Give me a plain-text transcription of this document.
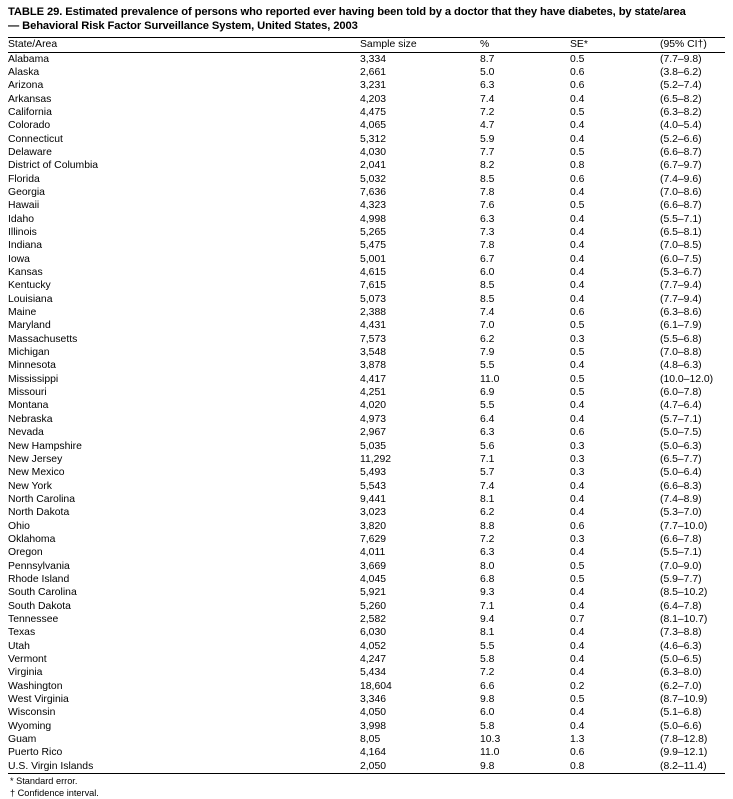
TABLE 29. Estimated prevalence of persons who reported ever having been told by a doctor that they have diabetes, by state/area
— Behavioral Risk Factor Surveillance System, United States, 2003
State/Area	Sample size	%	SE*	(95% CI†)
Alabama	3,334	8.7	0.5	(7.7–9.8)
Alaska	2,661	5.0	0.6	(3.8–6.2)
Arizona	3,231	6.3	0.6	(5.2–7.4)
Arkansas	4,203	7.4	0.4	(6.5–8.2)
California	4,475	7.2	0.5	(6.3–8.2)
Colorado	4,065	4.7	0.4	(4.0–5.4)
Connecticut	5,312	5.9	0.4	(5.2–6.6)
Delaware	4,030	7.7	0.5	(6.6–8.7)
District of Columbia	2,041	8.2	0.8	(6.7–9.7)
Florida	5,032	8.5	0.6	(7.4–9.6)
Georgia	7,636	7.8	0.4	(7.0–8.6)
Hawaii	4,323	7.6	0.5	(6.6–8.7)
Idaho	4,998	6.3	0.4	(5.5–7.1)
Illinois	5,265	7.3	0.4	(6.5–8.1)
Indiana	5,475	7.8	0.4	(7.0–8.5)
Iowa	5,001	6.7	0.4	(6.0–7.5)
Kansas	4,615	6.0	0.4	(5.3–6.7)
Kentucky	7,615	8.5	0.4	(7.7–9.4)
Louisiana	5,073	8.5	0.4	(7.7–9.4)
Maine	2,388	7.4	0.6	(6.3–8.6)
Maryland	4,431	7.0	0.5	(6.1–7.9)
Massachusetts	7,573	6.2	0.3	(5.5–6.8)
Michigan	3,548	7.9	0.5	(7.0–8.8)
Minnesota	3,878	5.5	0.4	(4.8–6.3)
Mississippi	4,417	11.0	0.5	(10.0–12.0)
Missouri	4,251	6.9	0.5	(6.0–7.8)
Montana	4,020	5.5	0.4	(4.7–6.4)
Nebraska	4,973	6.4	0.4	(5.7–7.1)
Nevada	2,967	6.3	0.6	(5.0–7.5)
New Hampshire	5,035	5.6	0.3	(5.0–6.3)
New Jersey	11,292	7.1	0.3	(6.5–7.7)
New Mexico	5,493	5.7	0.3	(5.0–6.4)
New York	5,543	7.4	0.4	(6.6–8.3)
North Carolina	9,441	8.1	0.4	(7.4–8.9)
North Dakota	3,023	6.2	0.4	(5.3–7.0)
Ohio	3,820	8.8	0.6	(7.7–10.0)
Oklahoma	7,629	7.2	0.3	(6.6–7.8)
Oregon	4,011	6.3	0.4	(5.5–7.1)
Pennsylvania	3,669	8.0	0.5	(7.0–9.0)
Rhode Island	4,045	6.8	0.5	(5.9–7.7)
South Carolina	5,921	9.3	0.4	(8.5–10.2)
South Dakota	5,260	7.1	0.4	(6.4–7.8)
Tennessee	2,582	9.4	0.7	(8.1–10.7)
Texas	6,030	8.1	0.4	(7.3–8.8)
Utah	4,052	5.5	0.4	(4.6–6.3)
Vermont	4,247	5.8	0.4	(5.0–6.5)
Virginia	5,434	7.2	0.4	(6.3–8.0)
Washington	18,604	6.6	0.2	(6.2–7.0)
West Virginia	3,346	9.8	0.5	(8.7–10.9)
Wisconsin	4,050	6.0	0.4	(5.1–6.8)
Wyoming	3,998	5.8	0.4	(5.0–6.6)
Guam	8,05	10.3	1.3	(7.8–12.8)
Puerto Rico	4,164	11.0	0.6	(9.9–12.1)
U.S. Virgin Islands	2,050	9.8	0.8	(8.2–11.4)
* Standard error.
† Confidence interval.
